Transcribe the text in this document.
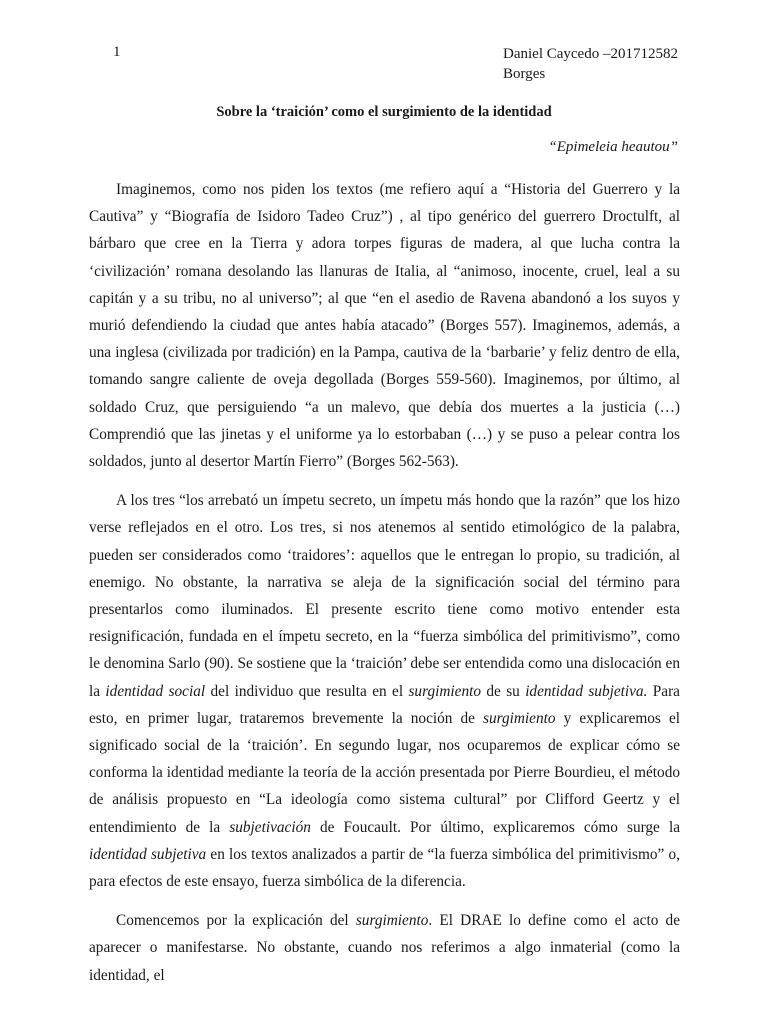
1	Daniel Caycedo –201712582
Borges
Sobre la ‘traición’ como el surgimiento de la identidad
“Epimeleia heautou”

Imaginemos, como nos piden los textos (me refiero aquí a “Historia del Guerrero y la Cautiva” y “Biografía de Isidoro Tadeo Cruz”) , al tipo genérico del guerrero Droctulft, al bárbaro que cree en la Tierra y adora torpes figuras de madera, al que lucha contra la ‘civilización’ romana desolando las llanuras de Italia, al “animoso, inocente, cruel, leal a su capitán y a su tribu, no al universo”; al que “en el asedio de Ravena abandonó a los suyos y murió defendiendo la ciudad que antes había atacado” (Borges 557). Imaginemos, además, a una inglesa (civilizada por tradición) en la Pampa, cautiva de la ‘barbarie’ y feliz dentro de ella, tomando sangre caliente de oveja degollada (Borges 559-560). Imaginemos, por último, al soldado Cruz, que persiguiendo “a un malevo, que debía dos muertes a la justicia (…) Comprendió que las jinetas y el uniforme ya lo estorbaban (…) y se puso a pelear contra los soldados, junto al desertor Martín Fierro” (Borges 562-563).

A los tres “los arrebató un ímpetu secreto, un ímpetu más hondo que la razón” que los hizo verse reflejados en el otro. Los tres, si nos atenemos al sentido etimológico de la palabra, pueden ser considerados como ‘traidores’: aquellos que le entregan lo propio, su tradición, al enemigo. No obstante, la narrativa se aleja de la significación social del término para presentarlos como iluminados. El presente escrito tiene como motivo entender esta resignificación, fundada en el ímpetu secreto, en la “fuerza simbólica del primitivismo”, como le denomina Sarlo (90). Se sostiene que la ‘traición’ debe ser entendida como una dislocación en la identidad social del individuo que resulta en el surgimiento de su identidad subjetiva. Para esto, en primer lugar, trataremos brevemente la noción de surgimiento y explicaremos el significado social de la ‘traición’. En segundo lugar, nos ocuparemos de explicar cómo se conforma la identidad mediante la teoría de la acción presentada por Pierre Bourdieu, el método de análisis propuesto en “La ideología como sistema cultural” por Clifford Geertz y el entendimiento de la subjetivación de Foucault. Por último, explicaremos cómo surge la identidad subjetiva en los textos analizados a partir de “la fuerza simbólica del primitivismo” o, para efectos de este ensayo, fuerza simbólica de la diferencia.

Comencemos por la explicación del surgimiento. El DRAE lo define como el acto de aparecer o manifestarse. No obstante, cuando nos referimos a algo inmaterial (como la identidad, el
